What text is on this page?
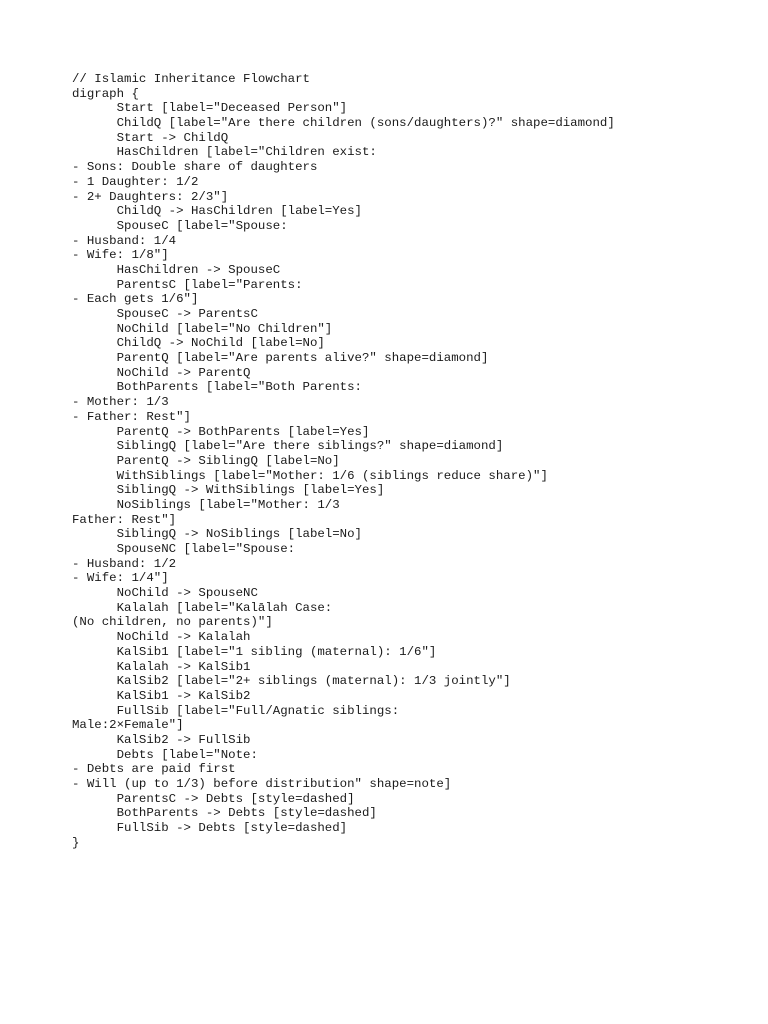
// Islamic Inheritance Flowchart
digraph {
Start [label="Deceased Person"]
ChildQ [label="Are there children (sons/daughters)?" shape=diamond]
Start -> ChildQ
HasChildren [label="Children exist:
- Sons: Double share of daughters
- 1 Daughter: 1/2
- 2+ Daughters: 2/3"]
ChildQ -> HasChildren [label=Yes]
SpouseC [label="Spouse:
- Husband: 1/4
- Wife: 1/8"]
HasChildren -> SpouseC
ParentsC [label="Parents:
- Each gets 1/6"]
SpouseC -> ParentsC
NoChild [label="No Children"]
ChildQ -> NoChild [label=No]
ParentQ [label="Are parents alive?" shape=diamond]
NoChild -> ParentQ
BothParents [label="Both Parents:
- Mother: 1/3
- Father: Rest"]
ParentQ -> BothParents [label=Yes]
SiblingQ [label="Are there siblings?" shape=diamond]
ParentQ -> SiblingQ [label=No]
WithSiblings [label="Mother: 1/6 (siblings reduce share)"]
SiblingQ -> WithSiblings [label=Yes]
NoSiblings [label="Mother: 1/3
Father: Rest"]
SiblingQ -> NoSiblings [label=No]
SpouseNC [label="Spouse:
- Husband: 1/2
- Wife: 1/4"]
NoChild -> SpouseNC
Kalalah [label="Kalālah Case:
(No children, no parents)"]
NoChild -> Kalalah
KalSib1 [label="1 sibling (maternal): 1/6"]
Kalalah -> KalSib1
KalSib2 [label="2+ siblings (maternal): 1/3 jointly"]
KalSib1 -> KalSib2
FullSib [label="Full/Agnatic siblings:
Male:2×Female"]
KalSib2 -> FullSib
Debts [label="Note:
- Debts are paid first
- Will (up to 1/3) before distribution" shape=note]
ParentsC -> Debts [style=dashed]
BothParents -> Debts [style=dashed]
FullSib -> Debts [style=dashed]
}
